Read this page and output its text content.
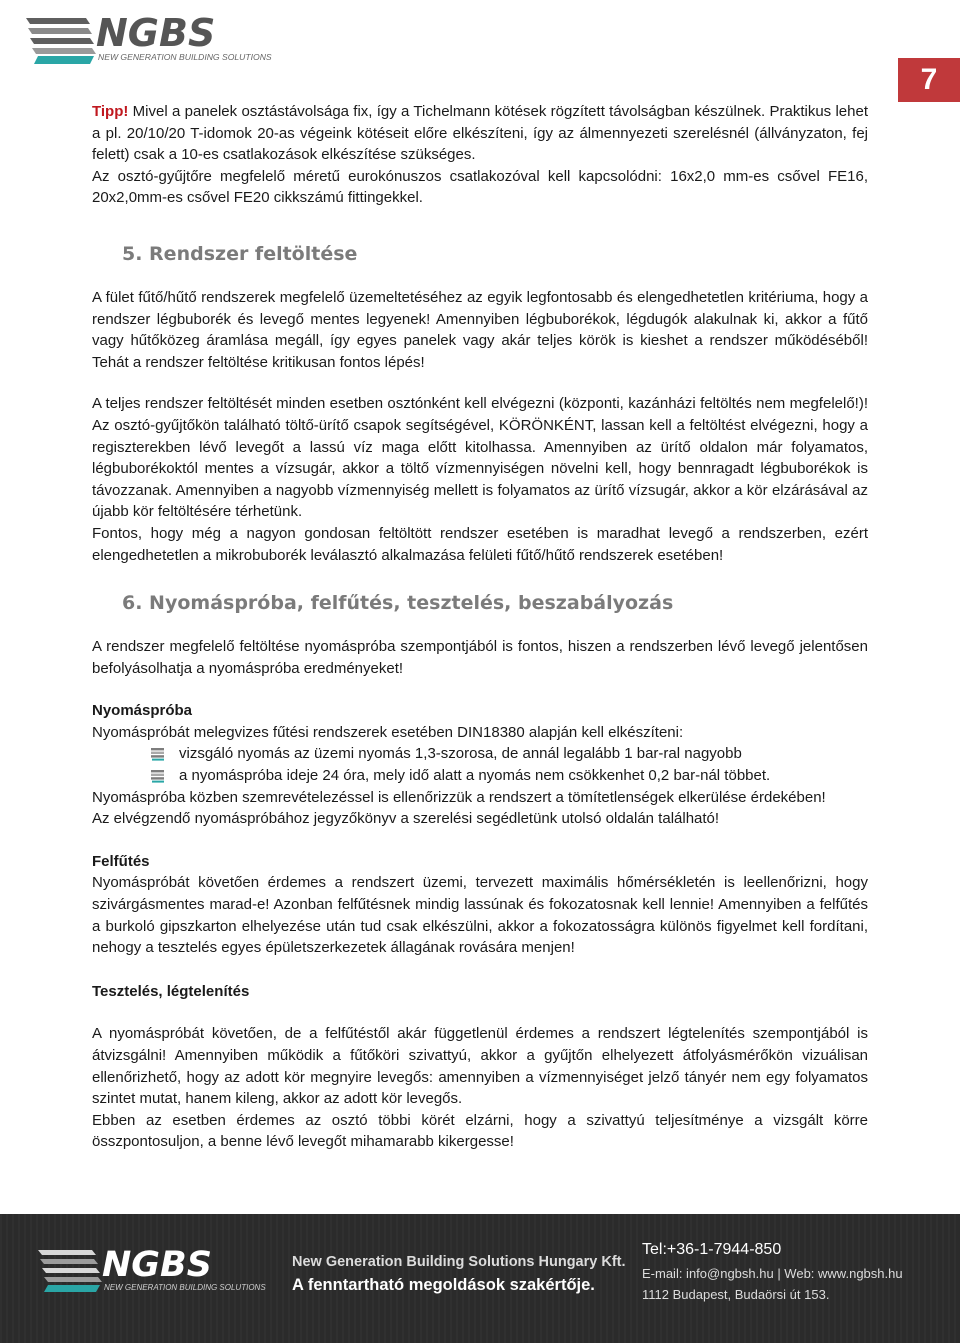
NGBS
NEW GENERATION BUILDING SOLUTIONS
7

Tipp! Mivel a panelek osztástávolsága fix, így a Tichelmann kötések rögzített távolságban készülnek. Praktikus lehet a pl. 20/10/20 T-idomok 20-as végeink kötéseit előre elkészíteni, így az álmennyezeti szerelésnél (állványzaton, fej felett) csak a 10-es csatlakozások elkészítése szükséges.

Az osztó-gyűjtőre megfelelő méretű eurokónuszos csatlakozóval kell kapcsolódni: 16x2,0 mm-es csővel FE16, 20x2,0mm-es csővel FE20 cikkszámú fittingekkel.

5. Rendszer feltöltése

A fület fűtő/hűtő rendszerek megfelelő üzemeltetéséhez az egyik legfontosabb és elengedhetetlen kritériuma, hogy a rendszer légbuborék és levegő mentes legyenek! Amennyiben légbuborékok, légdugók alakulnak ki, akkor a fűtő vagy hűtőközeg áramlása megáll, így egyes panelek vagy akár teljes körök is kieshet a rendszer működéséből! Tehát a rendszer feltöltése kritikusan fontos lépés!

A teljes rendszer feltöltését minden esetben osztónként kell elvégezni (központi, kazánházi feltöltés nem megfelelő!)! Az osztó-gyűjtőkön található töltő-ürítő csapok segítségével, KÖRÖNKÉNT, lassan kell a feltöltést elvégezni, hogy a regiszterekben lévő levegőt a lassú víz maga előtt kitolhassa. Amennyiben az ürítő oldalon már folyamatos, légbuborékoktól mentes a vízsugár, akkor a töltő vízmennyiségen növelni kell, hogy bennragadt légbuborékok is távozzanak. Amennyiben a nagyobb vízmennyiség mellett is folyamatos az ürítő vízsugár, akkor a kör elzárásával az újabb kör feltöltésére térhetünk.

Fontos, hogy még a nagyon gondosan feltöltött rendszer esetében is maradhat levegő a rendszerben, ezért elengedhetetlen a mikrobuborék leválasztó alkalmazása felületi fűtő/hűtő rendszerek esetében!

6. Nyomáspróba, felfűtés, tesztelés, beszabályozás

A rendszer megfelelő feltöltése nyomáspróba szempontjából is fontos, hiszen a rendszerben lévő levegő jelentősen befolyásolhatja a nyomáspróba eredményeket!

Nyomáspróba

Nyomáspróbát melegvizes fűtési rendszerek esetében DIN18380 alapján kell elkészíteni:

vizsgáló nyomás az üzemi nyomás 1,3-szorosa, de annál legalább 1 bar-ral nagyobb
a nyomáspróba ideje 24 óra, mely idő alatt a nyomás nem csökkenhet 0,2 bar-nál többet.

Nyomáspróba közben szemrevételezéssel is ellenőrizzük a rendszert a tömítetlenségek elkerülése érdekében!

Az elvégzendő nyomáspróbához jegyzőkönyv a szerelési segédletünk utolsó oldalán található!

Felfűtés

Nyomáspróbát követően érdemes a rendszert üzemi, tervezett maximális hőmérsékletén is leellenőrizni, hogy szivárgásmentes marad-e! Azonban felfűtésnek mindig lassúnak és fokozatosnak kell lennie! Amennyiben a felfűtés a burkoló gipszkarton elhelyezése után tud csak elkészülni, akkor a fokozatosságra különös figyelmet kell fordítani, nehogy a tesztelés egyes épületszerkezetek állagának rovására menjen!

Tesztelés, légtelenítés

A nyomáspróbát követően, de a felfűtéstől akár függetlenül érdemes a rendszert légtelenítés szempontjából is átvizsgálni! Amennyiben működik a fűtőköri szivattyú, akkor a gyűjtőn elhelyezett átfolyásmérőkön vizuálisan ellenőrizhető, hogy az adott kör megnyire levegős: amennyiben a vízmennyiséget jelző tányér nem egy folyamatos szintet mutat, hanem kileng, akkor az adott kör levegős.

Ebben az esetben érdemes az osztó többi körét elzárni, hogy a szivattyú teljesítménye a vizsgált körre összpontosuljon, a benne lévő levegőt mihamarabb kikergesse!

NGBS
NEW GENERATION BUILDING SOLUTIONS
New Generation Building Solutions Hungary Kft.
A fenntartható megoldások szakértője.
Tel:+36-1-7944-850
E-mail: info@ngbsh.hu | Web: www.ngbsh.hu
1112 Budapest, Budaörsi út 153.
